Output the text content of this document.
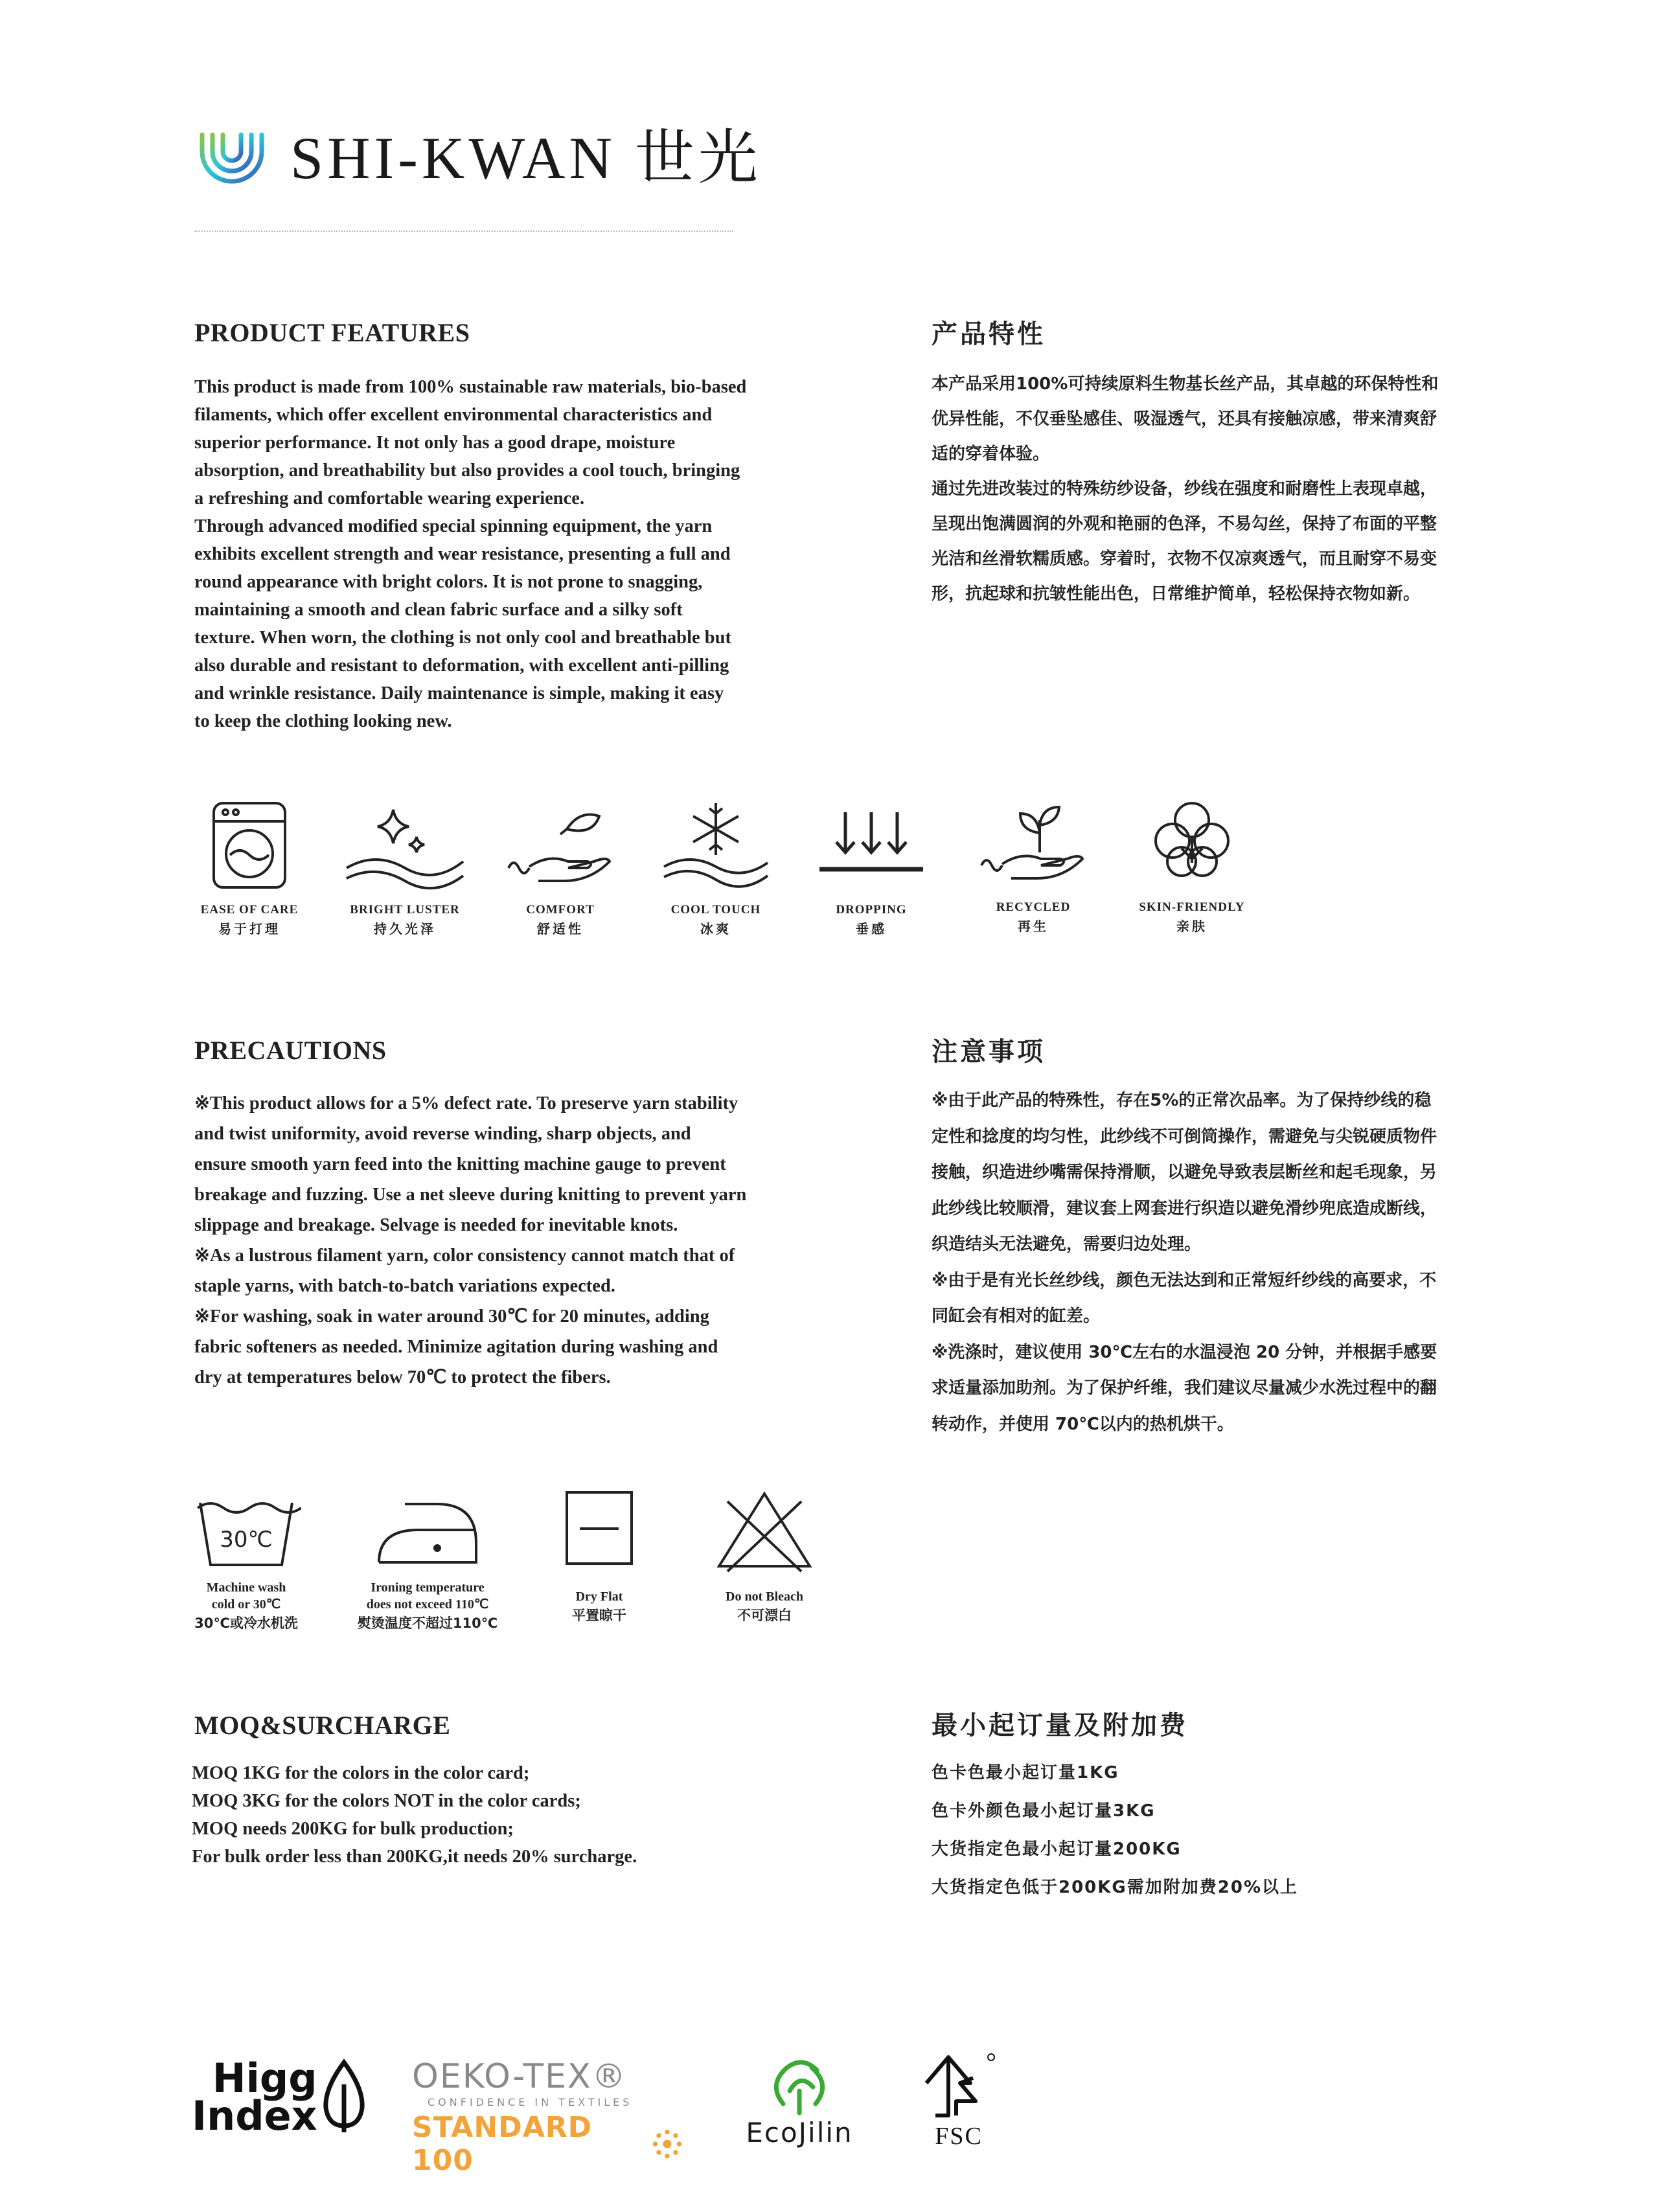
SHI-KWAN 世光
PRODUCT FEATURES	产品特性
This product is made from 100% sustainable raw materials, bio-based
filaments, which offer excellent environmental characteristics and
superior performance. It not only has a good drape, moisture
absorption, and breathability but also provides a cool touch, bringing
a refreshing and comfortable wearing experience.
Through advanced modified special spinning equipment, the yarn
exhibits excellent strength and wear resistance, presenting a full and
round appearance with bright colors. It is not prone to snagging,
maintaining a smooth and clean fabric surface and a silky soft
texture. When worn, the clothing is not only cool and breathable but
also durable and resistant to deformation, with excellent anti-pilling
and wrinkle resistance. Daily maintenance is simple, making it easy
to keep the clothing looking new.
本产品采用100%可持续原料生物基长丝产品，其卓越的环保特性和
优异性能，不仅垂坠感佳、吸湿透气，还具有接触凉感，带来清爽舒
适的穿着体验。
通过先进改装过的特殊纺纱设备，纱线在强度和耐磨性上表现卓越，
呈现出饱满圆润的外观和艳丽的色泽，不易勾丝，保持了布面的平整
光洁和丝滑软糯质感。穿着时，衣物不仅凉爽透气，而且耐穿不易变
形，抗起球和抗皱性能出色，日常维护简单，轻松保持衣物如新。
EASE OF CARE
易于打理
BRIGHT LUSTER
持久光泽
COMFORT
舒适性
COOL TOUCH
冰爽
DROPPING
垂感
RECYCLED
再生
SKIN-FRIENDLY
亲肤
PRECAUTIONS	注意事项
※This product allows for a 5% defect rate. To preserve yarn stability
and twist uniformity, avoid reverse winding, sharp objects, and
ensure smooth yarn feed into the knitting machine gauge to prevent
breakage and fuzzing. Use a net sleeve during knitting to prevent yarn
slippage and breakage. Selvage is needed for inevitable knots.
※As a lustrous filament yarn, color consistency cannot match that of
staple yarns, with batch-to-batch variations expected.
※For washing, soak in water around 30℃ for 20 minutes, adding
fabric softeners as needed. Minimize agitation during washing and
dry at temperatures below 70℃ to protect the fibers.
※由于此产品的特殊性，存在5%的正常次品率。为了保持纱线的稳
定性和捻度的均匀性，此纱线不可倒筒操作，需避免与尖锐硬质物件
接触，织造进纱嘴需保持滑顺，以避免导致表层断丝和起毛现象，另
此纱线比较顺滑，建议套上网套进行织造以避免滑纱兜底造成断线，
织造结头无法避免，需要归边处理。
※由于是有光长丝纱线，颜色无法达到和正常短纤纱线的高要求，不
同缸会有相对的缸差。
※洗涤时，建议使用 30℃左右的水温浸泡 20 分钟，并根据手感要
求适量添加助剂。为了保护纤维，我们建议尽量减少水洗过程中的翻
转动作，并使用 70℃以内的热机烘干。
30℃
Machine wash
cold or 30℃
30℃或冷水机洗
Ironing temperature
does not exceed 110℃
熨烫温度不超过110℃
Dry Flat
平置晾干
Do not Bleach
不可漂白
MOQ&SURCHARGE	最小起订量及附加费
MOQ 1KG for the colors in the color card;
MOQ 3KG for the colors NOT in the color cards;
MOQ needs 200KG for bulk production;
For bulk order less than 200KG,it needs 20% surcharge.
色卡色最小起订量1KG
色卡外颜色最小起订量3KG
大货指定色最小起订量200KG
大货指定色低于200KG需加附加费20%以上
Higg
Index
OEKO-TEX®
CONFIDENCE IN TEXTILES
STANDARD 100
EcoJilin	FSC
